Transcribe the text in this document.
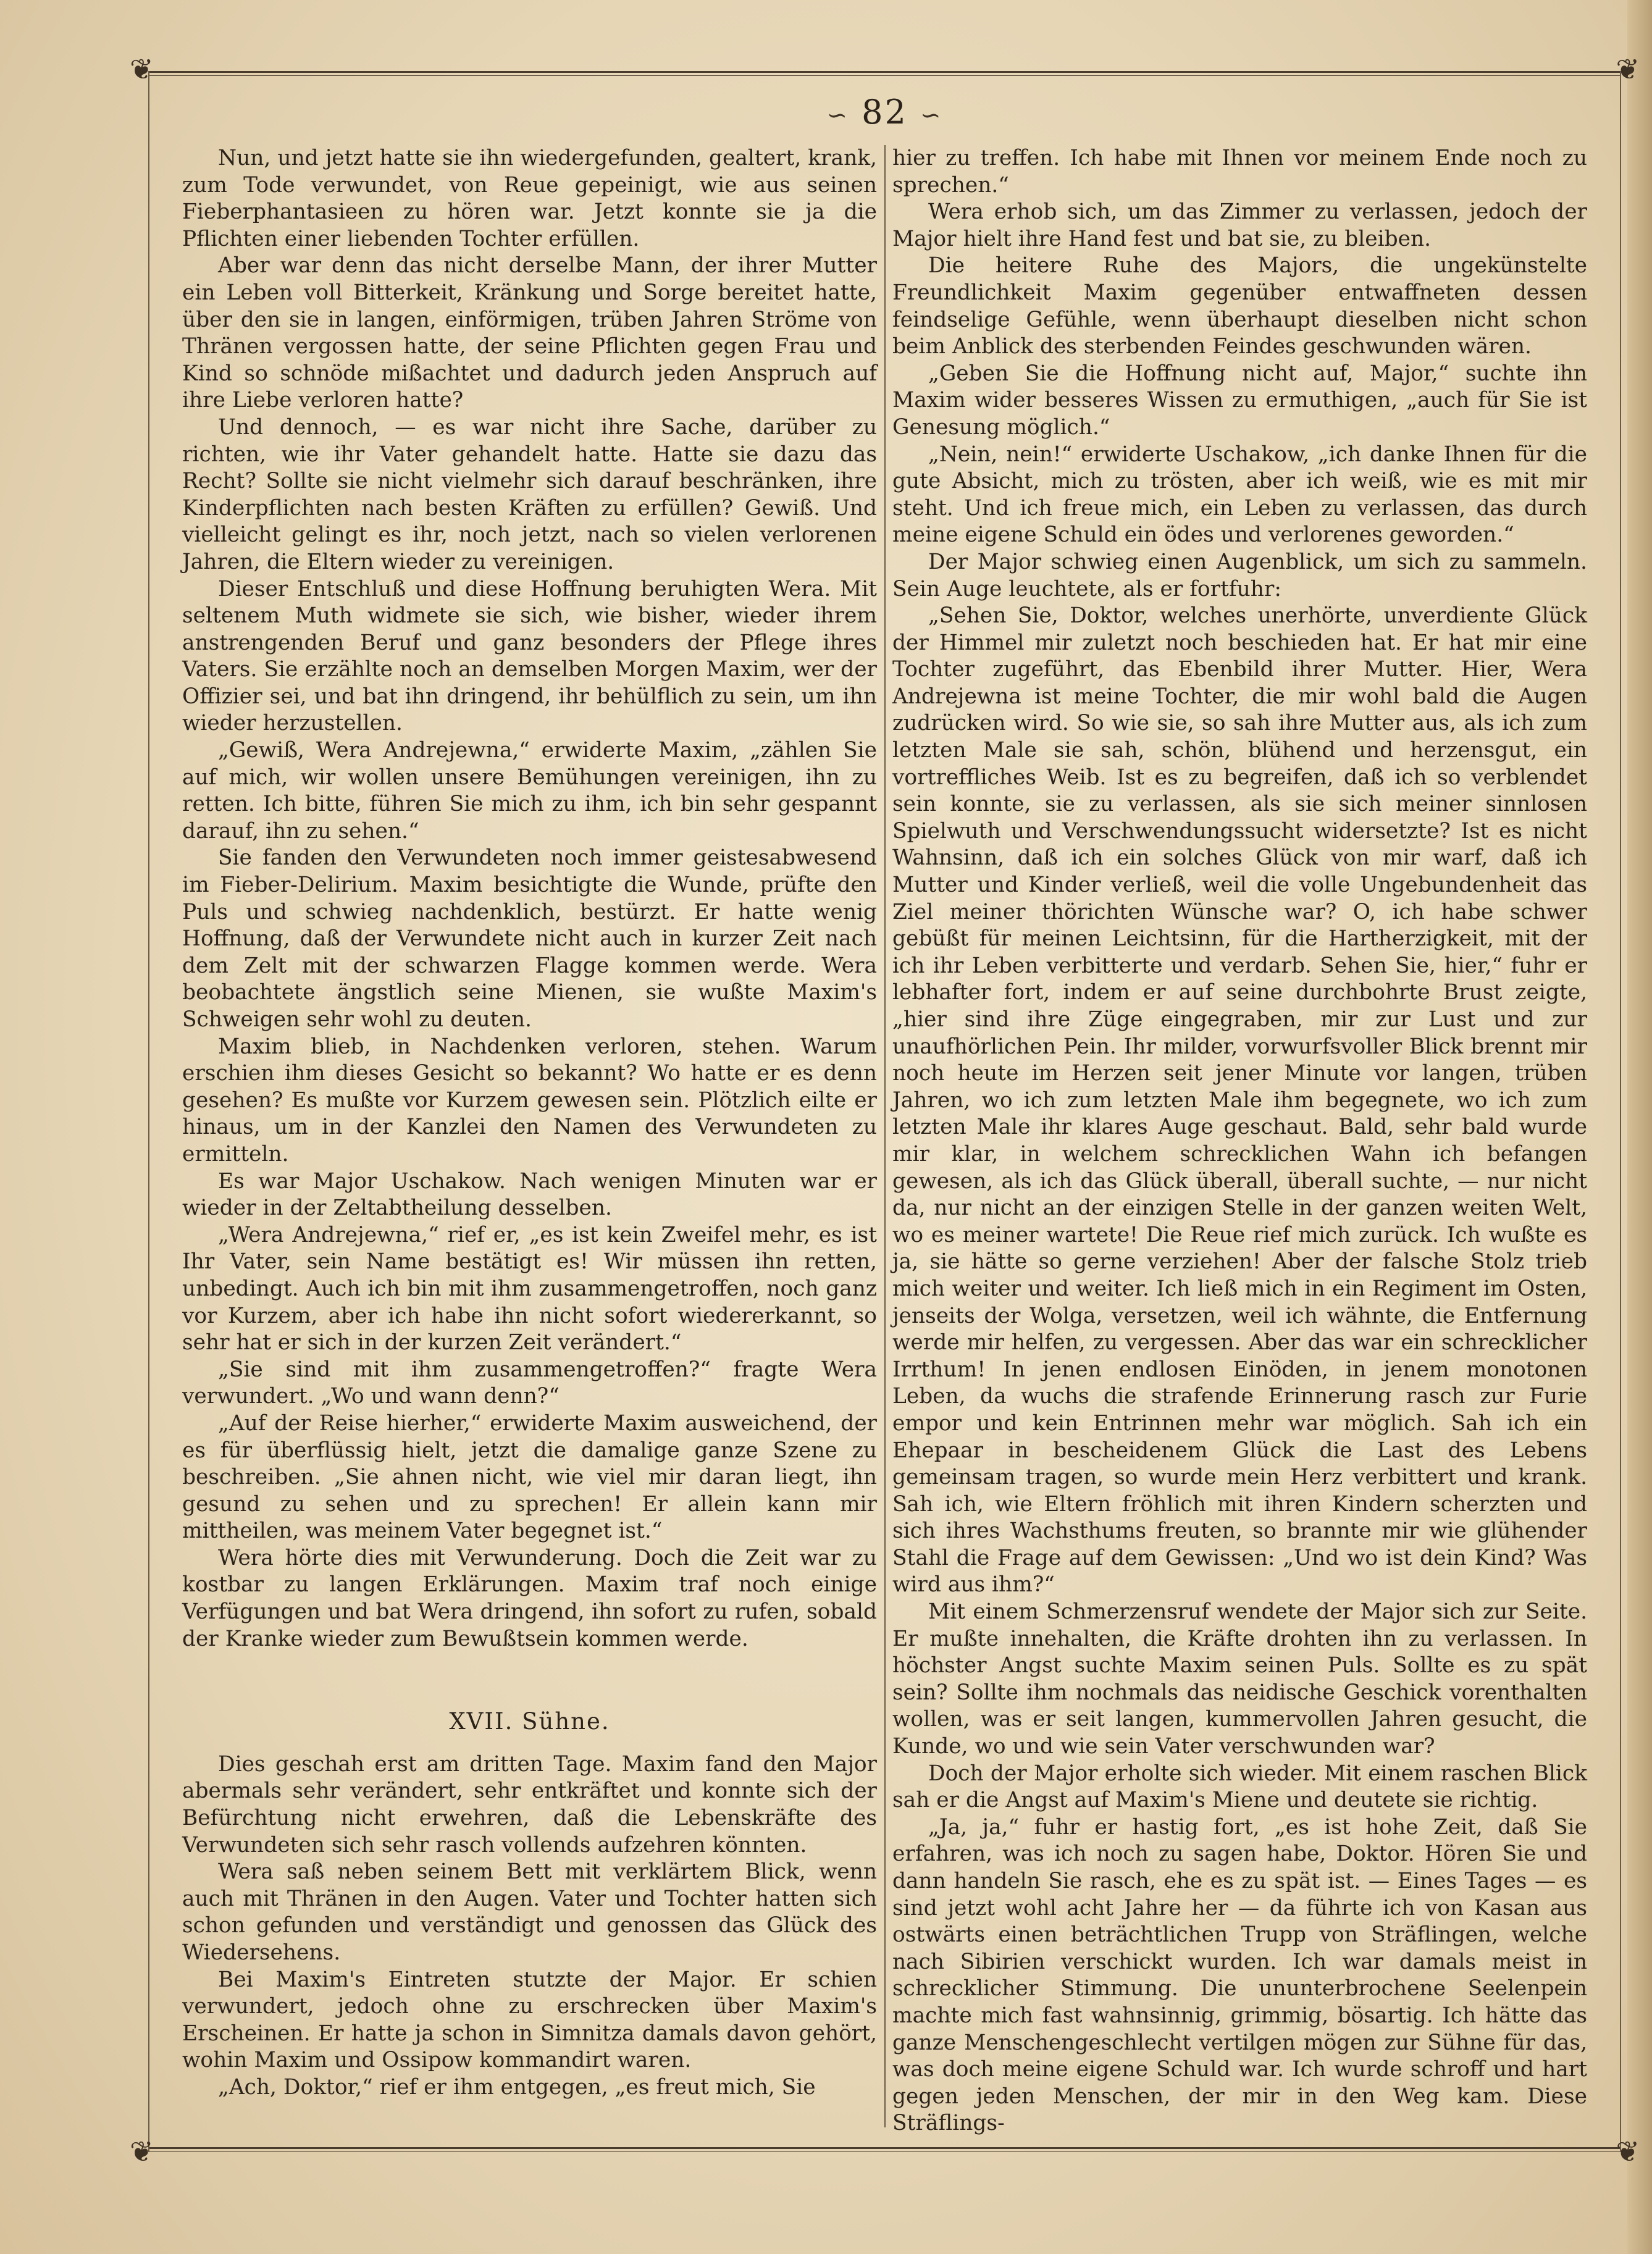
❦	❦
❦	❦
∽ 82 ∽

Nun, und jetzt hatte sie ihn wiedergefunden, gealtert, krank, zum Tode verwundet, von Reue gepeinigt, wie aus seinen Fieberphantasieen zu hören war. Jetzt konnte sie ja die Pflichten einer liebenden Tochter erfüllen.

Aber war denn das nicht derselbe Mann, der ihrer Mutter ein Leben voll Bitterkeit, Kränkung und Sorge bereitet hatte, über den sie in langen, einförmigen, trüben Jahren Ströme von Thränen vergossen hatte, der seine Pflichten gegen Frau und Kind so schnöde mißachtet und dadurch jeden Anspruch auf ihre Liebe verloren hatte?

Und dennoch, — es war nicht ihre Sache, darüber zu richten, wie ihr Vater gehandelt hatte. Hatte sie dazu das Recht? Sollte sie nicht vielmehr sich darauf beschränken, ihre Kinderpflichten nach besten Kräften zu erfüllen? Gewiß. Und vielleicht gelingt es ihr, noch jetzt, nach so vielen verlorenen Jahren, die Eltern wieder zu vereinigen.

Dieser Entschluß und diese Hoffnung beruhigten Wera. Mit seltenem Muth widmete sie sich, wie bisher, wieder ihrem anstrengenden Beruf und ganz besonders der Pflege ihres Vaters. Sie erzählte noch an demselben Morgen Maxim, wer der Offizier sei, und bat ihn dringend, ihr behülflich zu sein, um ihn wieder herzustellen.

„Gewiß, Wera Andrejewna,“ erwiderte Maxim, „zählen Sie auf mich, wir wollen unsere Bemühungen vereinigen, ihn zu retten. Ich bitte, führen Sie mich zu ihm, ich bin sehr gespannt darauf, ihn zu sehen.“

Sie fanden den Verwundeten noch immer geistesabwesend im Fieber-Delirium. Maxim besichtigte die Wunde, prüfte den Puls und schwieg nachdenklich, bestürzt. Er hatte wenig Hoffnung, daß der Verwundete nicht auch in kurzer Zeit nach dem Zelt mit der schwarzen Flagge kommen werde. Wera beobachtete ängstlich seine Mienen, sie wußte Maxim's Schweigen sehr wohl zu deuten.

Maxim blieb, in Nachdenken verloren, stehen. Warum erschien ihm dieses Gesicht so bekannt? Wo hatte er es denn gesehen? Es mußte vor Kurzem gewesen sein. Plötzlich eilte er hinaus, um in der Kanzlei den Namen des Verwundeten zu ermitteln.

Es war Major Uschakow. Nach wenigen Minuten war er wieder in der Zeltabtheilung desselben.

„Wera Andrejewna,“ rief er, „es ist kein Zweifel mehr, es ist Ihr Vater, sein Name bestätigt es! Wir müssen ihn retten, unbedingt. Auch ich bin mit ihm zusammengetroffen, noch ganz vor Kurzem, aber ich habe ihn nicht sofort wiedererkannt, so sehr hat er sich in der kurzen Zeit verändert.“

„Sie sind mit ihm zusammengetroffen?“ fragte Wera verwundert. „Wo und wann denn?“

„Auf der Reise hierher,“ erwiderte Maxim ausweichend, der es für überflüssig hielt, jetzt die damalige ganze Szene zu beschreiben. „Sie ahnen nicht, wie viel mir daran liegt, ihn gesund zu sehen und zu sprechen! Er allein kann mir mittheilen, was meinem Vater begegnet ist.“

Wera hörte dies mit Verwunderung. Doch die Zeit war zu kostbar zu langen Erklärungen. Maxim traf noch einige Verfügungen und bat Wera dringend, ihn sofort zu rufen, sobald der Kranke wieder zum Bewußtsein kommen werde.

XVII. Sühne.

Dies geschah erst am dritten Tage. Maxim fand den Major abermals sehr verändert, sehr entkräftet und konnte sich der Befürchtung nicht erwehren, daß die Lebenskräfte des Verwundeten sich sehr rasch vollends aufzehren könnten.

Wera saß neben seinem Bett mit verklärtem Blick, wenn auch mit Thränen in den Augen. Vater und Tochter hatten sich schon gefunden und verständigt und genossen das Glück des Wiedersehens.

Bei Maxim's Eintreten stutzte der Major. Er schien verwundert, jedoch ohne zu erschrecken über Maxim's Erscheinen. Er hatte ja schon in Simnitza damals davon gehört, wohin Maxim und Ossipow kommandirt waren.

„Ach, Doktor,“ rief er ihm entgegen, „es freut mich, Sie

hier zu treffen. Ich habe mit Ihnen vor meinem Ende noch zu sprechen.“

Wera erhob sich, um das Zimmer zu verlassen, jedoch der Major hielt ihre Hand fest und bat sie, zu bleiben.

Die heitere Ruhe des Majors, die ungekünstelte Freundlichkeit Maxim gegenüber entwaffneten dessen feindselige Gefühle, wenn überhaupt dieselben nicht schon beim Anblick des sterbenden Feindes geschwunden wären.

„Geben Sie die Hoffnung nicht auf, Major,“ suchte ihn Maxim wider besseres Wissen zu ermuthigen, „auch für Sie ist Genesung möglich.“

„Nein, nein!“ erwiderte Uschakow, „ich danke Ihnen für die gute Absicht, mich zu trösten, aber ich weiß, wie es mit mir steht. Und ich freue mich, ein Leben zu verlassen, das durch meine eigene Schuld ein ödes und verlorenes geworden.“

Der Major schwieg einen Augenblick, um sich zu sammeln. Sein Auge leuchtete, als er fortfuhr:

„Sehen Sie, Doktor, welches unerhörte, unverdiente Glück der Himmel mir zuletzt noch beschieden hat. Er hat mir eine Tochter zugeführt, das Ebenbild ihrer Mutter. Hier, Wera Andrejewna ist meine Tochter, die mir wohl bald die Augen zudrücken wird. So wie sie, so sah ihre Mutter aus, als ich zum letzten Male sie sah, schön, blühend und herzensgut, ein vortreffliches Weib. Ist es zu begreifen, daß ich so verblendet sein konnte, sie zu verlassen, als sie sich meiner sinnlosen Spielwuth und Verschwendungssucht widersetzte? Ist es nicht Wahnsinn, daß ich ein solches Glück von mir warf, daß ich Mutter und Kinder verließ, weil die volle Ungebundenheit das Ziel meiner thörichten Wünsche war? O, ich habe schwer gebüßt für meinen Leichtsinn, für die Hartherzigkeit, mit der ich ihr Leben verbitterte und verdarb. Sehen Sie, hier,“ fuhr er lebhafter fort, indem er auf seine durchbohrte Brust zeigte, „hier sind ihre Züge eingegraben, mir zur Lust und zur unaufhörlichen Pein. Ihr milder, vorwurfsvoller Blick brennt mir noch heute im Herzen seit jener Minute vor langen, trüben Jahren, wo ich zum letzten Male ihm begegnete, wo ich zum letzten Male ihr klares Auge geschaut. Bald, sehr bald wurde mir klar, in welchem schrecklichen Wahn ich befangen gewesen, als ich das Glück überall, überall suchte, — nur nicht da, nur nicht an der einzigen Stelle in der ganzen weiten Welt, wo es meiner wartete! Die Reue rief mich zurück. Ich wußte es ja, sie hätte so gerne verziehen! Aber der falsche Stolz trieb mich weiter und weiter. Ich ließ mich in ein Regiment im Osten, jenseits der Wolga, versetzen, weil ich wähnte, die Entfernung werde mir helfen, zu vergessen. Aber das war ein schrecklicher Irrthum! In jenen endlosen Einöden, in jenem monotonen Leben, da wuchs die strafende Erinnerung rasch zur Furie empor und kein Entrinnen mehr war möglich. Sah ich ein Ehepaar in bescheidenem Glück die Last des Lebens gemeinsam tragen, so wurde mein Herz verbittert und krank. Sah ich, wie Eltern fröhlich mit ihren Kindern scherzten und sich ihres Wachsthums freuten, so brannte mir wie glühender Stahl die Frage auf dem Gewissen: „Und wo ist dein Kind? Was wird aus ihm?“

Mit einem Schmerzensruf wendete der Major sich zur Seite. Er mußte innehalten, die Kräfte drohten ihn zu verlassen. In höchster Angst suchte Maxim seinen Puls. Sollte es zu spät sein? Sollte ihm nochmals das neidische Geschick vorenthalten wollen, was er seit langen, kummervollen Jahren gesucht, die Kunde, wo und wie sein Vater verschwunden war?

Doch der Major erholte sich wieder. Mit einem raschen Blick sah er die Angst auf Maxim's Miene und deutete sie richtig.

„Ja, ja,“ fuhr er hastig fort, „es ist hohe Zeit, daß Sie erfahren, was ich noch zu sagen habe, Doktor. Hören Sie und dann handeln Sie rasch, ehe es zu spät ist. — Eines Tages — es sind jetzt wohl acht Jahre her — da führte ich von Kasan aus ostwärts einen beträchtlichen Trupp von Sträflingen, welche nach Sibirien verschickt wurden. Ich war damals meist in schrecklicher Stimmung. Die ununterbrochene Seelenpein machte mich fast wahnsinnig, grimmig, bösartig. Ich hätte das ganze Menschengeschlecht vertilgen mögen zur Sühne für das, was doch meine eigene Schuld war. Ich wurde schroff und hart gegen jeden Menschen, der mir in den Weg kam. Diese Sträflings-
